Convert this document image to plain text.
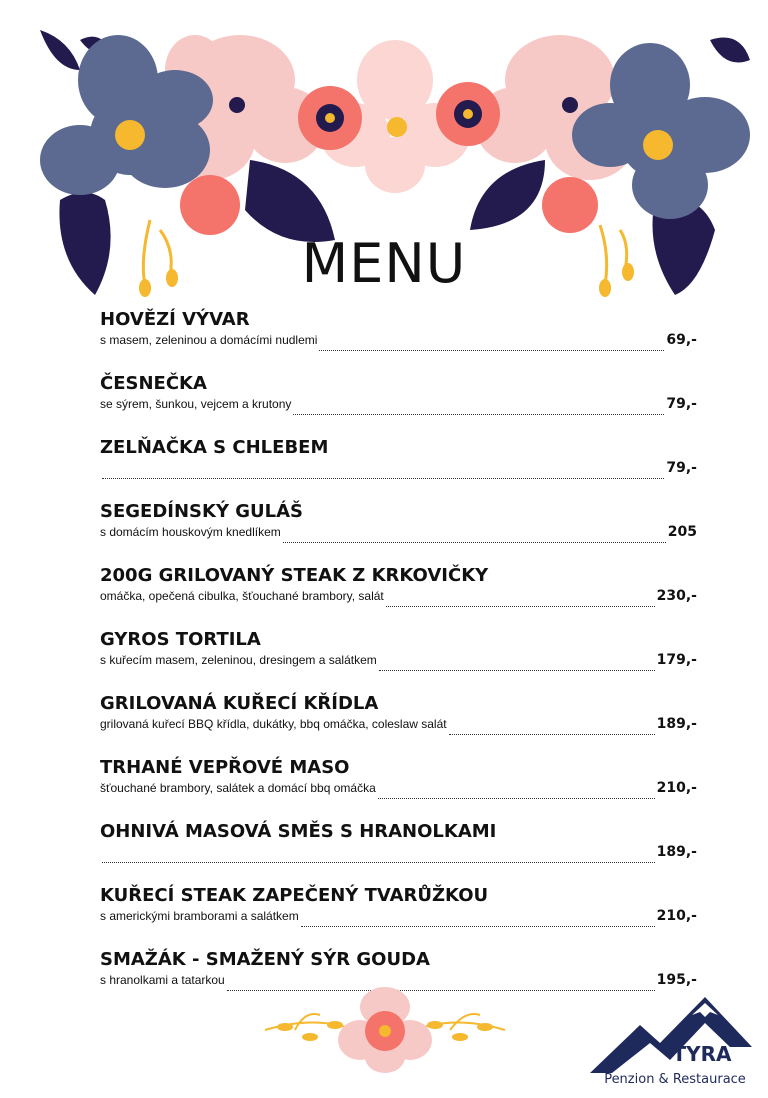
MENU
HOVĚZÍ VÝVAR
s masem, zeleninou a domácími nudlemi	69,-
ČESNEČKA
se sýrem, šunkou, vejcem a krutony	79,-
ZELŇAČKA S CHLEBEM
79,-
SEGEDÍNSKÝ GULÁŠ
s domácím houskovým knedlíkem	205
200G GRILOVANÝ STEAK Z KRKOVIČKY
omáčka, opečená cibulka, šťouchané brambory, salát	230,-
GYROS TORTILA
s kuřecím masem, zeleninou, dresingem a salátkem	179,-
GRILOVANÁ KUŘECÍ KŘÍDLA
grilovaná kuřecí BBQ křídla, dukátky, bbq omáčka, coleslaw salát	189,-
TRHANÉ VEPŘOVÉ MASO
šťouchané brambory, salátek a domácí bbq omáčka	210,-
OHNIVÁ MASOVÁ SMĚS S HRANOLKAMI
189,-
KUŘECÍ STEAK ZAPEČENÝ TVARŮŽKOU
s americkými bramborami a salátkem	210,-
SMAŽÁK - SMAŽENÝ SÝR GOUDA
s hranolkami a tatarkou	195,-
TYRA
Penzion & Restaurace
